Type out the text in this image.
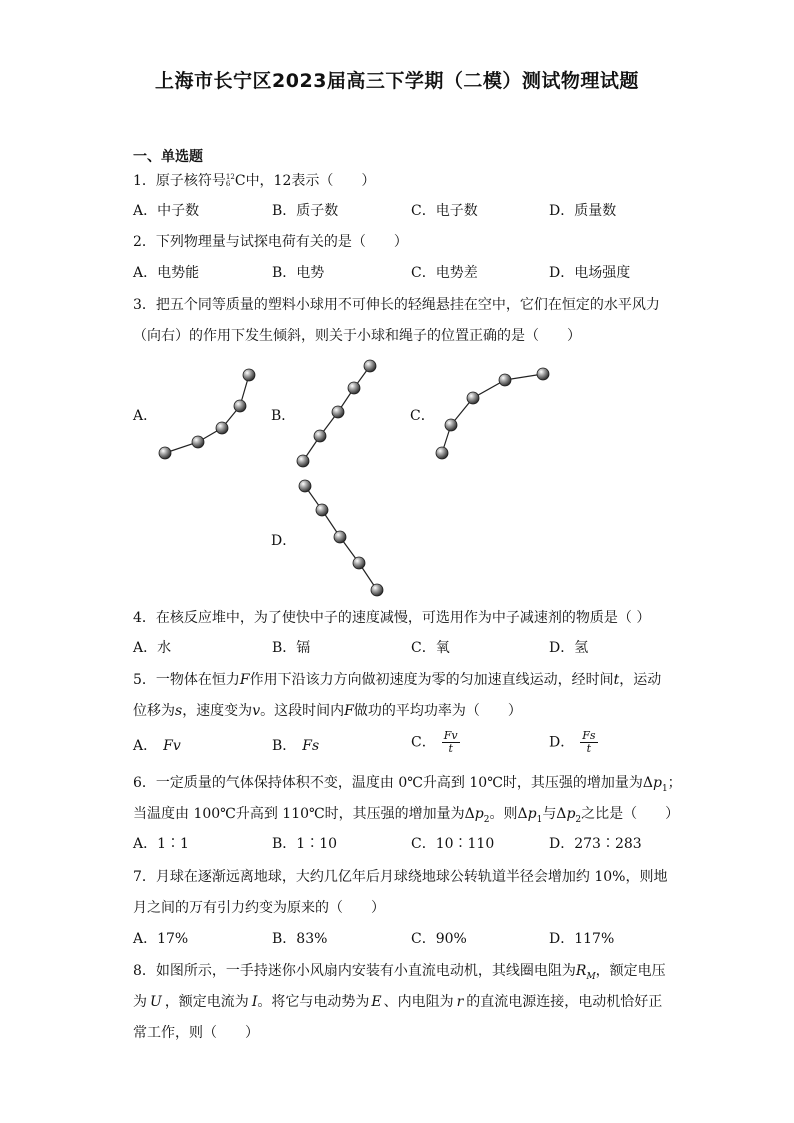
上海市长宁区2023届高三下学期（二模）测试物理试题
一、单选题
1．原子核符号 12
6 C中，12表示（　　）
A．中子数	B．质子数	C．电子数	D．质量数
2．下列物理量与试探电荷有关的是（　　）
A．电势能	B．电势	C．电势差	D．电场强度
3．把五个同等质量的塑料小球用不可伸长的轻绳悬挂在空中，它们在恒定的水平风力
（向右）的作用下发生倾斜，则关于小球和绳子的位置正确的是（　　）
A．	B．	C．
D．
4．在核反应堆中，为了使快中子的速度减慢，可选用作为中子减速剂的物质是（ ）
A．水	B．镉	C．氧	D．氢
5．一物体在恒力F作用下沿该力方向做初速度为零的匀加速直线运动，经时间t，运动
位移为s，速度变为v。这段时间内F做功的平均功率为（　　）
A． Fv	B． Fs	C． $\frac{Fv}{t}$	D． $\frac{Fs}{t}$
6．一定质量的气体保持体积不变，温度由 0℃升高到 10℃时，其压强的增加量为$\Delta p_1$；
当温度由 100℃升高到 110℃时，其压强的增加量为$\Delta p_2$。则$\Delta p_1$与$\Delta p_2$之比是（　　）
A．1∶1	B．1∶10	C．10∶110	D．273∶283
7．月球在逐渐远离地球，大约几亿年后月球绕地球公转轨道半径会增加约 10%，则地
月之间的万有引力约变为原来的（　　）
A．17%	B．83%	C．90%	D．117%
8．如图所示，一手持迷你小风扇内安装有小直流电动机，其线圈电阻为$R_M$，额定电压
为 U ，额定电流为 I。将它与电动势为 E 、内电阻为 r 的直流电源连接，电动机恰好正
常工作，则（　　）
